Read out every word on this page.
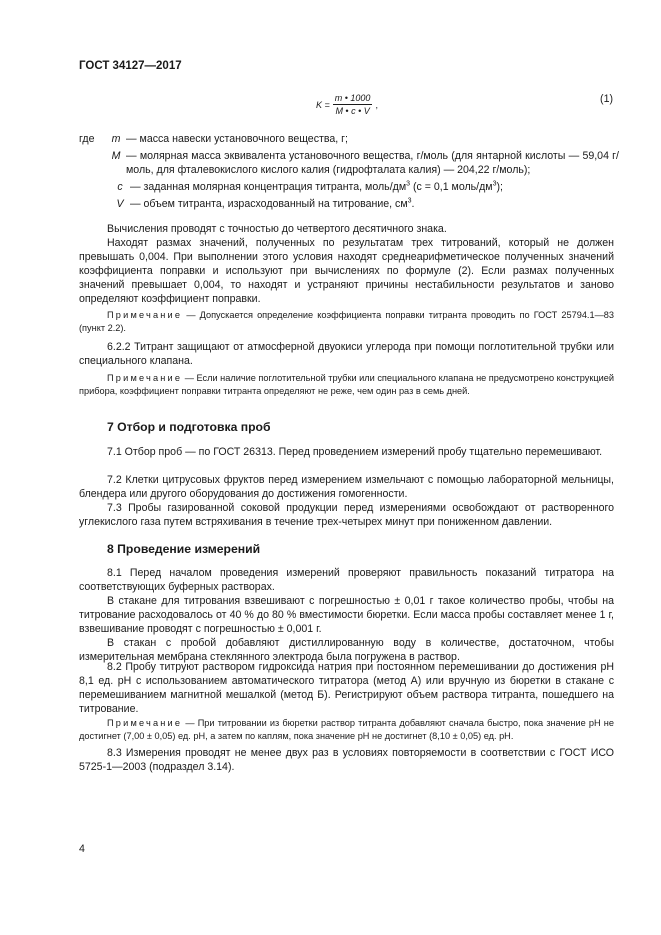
ГОСТ 34127—2017
$K = \frac{m • 1000}{M • c • V}$ ,	(1)
где	m — масса навески установочного вещества, г;
M — молярная масса эквивалента установочного вещества, г/моль (для янтарной кислоты — 59,04 г/моль, для фталевокислого кислого калия (гидрофталата калия) — 204,22 г/моль);
c — заданная молярная концентрация титранта, моль/$дм^3$ (с = 0,1 моль/$дм^3$);
V — объем титранта, израсходованный на титрование, $см^3$.
Вычисления проводят с точностью до четвертого десятичного знака.
Находят размах значений, полученных по результатам трех титрований, который не должен превышать 0,004. При выполнении этого условия находят среднеарифметическое полученных значений коэффициента поправки и используют при вычислениях по формуле (2). Если размах полученных значений превышает 0,004, то находят и устраняют причины нестабильности результатов и заново определяют коэффициент поправки.
Примечание — Допускается определение коэффициента поправки титранта проводить по ГОСТ 25794.1—83 (пункт 2.2).
6.2.2 Титрант защищают от атмосферной двуокиси углерода при помощи поглотительной трубки или специального клапана.
Примечание — Если наличие поглотительной трубки или специального клапана не предусмотрено конструкцией прибора, коэффициент поправки титранта определяют не реже, чем один раз в семь дней.
7 Отбор и подготовка проб
7.1 Отбор проб — по ГОСТ 26313. Перед проведением измерений пробу тщательно перемешивают.
7.2 Клетки цитрусовых фруктов перед измерением измельчают с помощью лабораторной мельницы, блендера или другого оборудования до достижения гомогенности.
7.3 Пробы газированной соковой продукции перед измерениями освобождают от растворенного углекислого газа путем встряхивания в течение трех-четырех минут при пониженном давлении.
8 Проведение измерений
8.1 Перед началом проведения измерений проверяют правильность показаний титратора на соответствующих буферных растворах.
В стакане для титрования взвешивают с погрешностью ± 0,01 г такое количество пробы, чтобы на титрование расходовалось от 40 % до 80 % вместимости бюретки. Если масса пробы составляет менее 1 г, взвешивание проводят с погрешностью ± 0,001 г.
В стакан с пробой добавляют дистиллированную воду в количестве, достаточном, чтобы измерительная мембрана стеклянного электрода была погружена в раствор.
8.2 Пробу титруют раствором гидроксида натрия при постоянном перемешивании до достижения pH 8,1 ед. pH с использованием автоматического титратора (метод А) или вручную из бюретки в стакане с перемешиванием магнитной мешалкой (метод Б). Регистрируют объем раствора титранта, пошедшего на титрование.
Примечание — При титровании из бюретки раствор титранта добавляют сначала быстро, пока значение pH не достигнет (7,00 ± 0,05) ед. pH, а затем по каплям, пока значение pH не достигнет (8,10 ± 0,05) ед. pH.
8.3 Измерения проводят не менее двух раз в условиях повторяемости в соответствии с ГОСТ ИСО 5725-1—2003 (подраздел 3.14).
4
